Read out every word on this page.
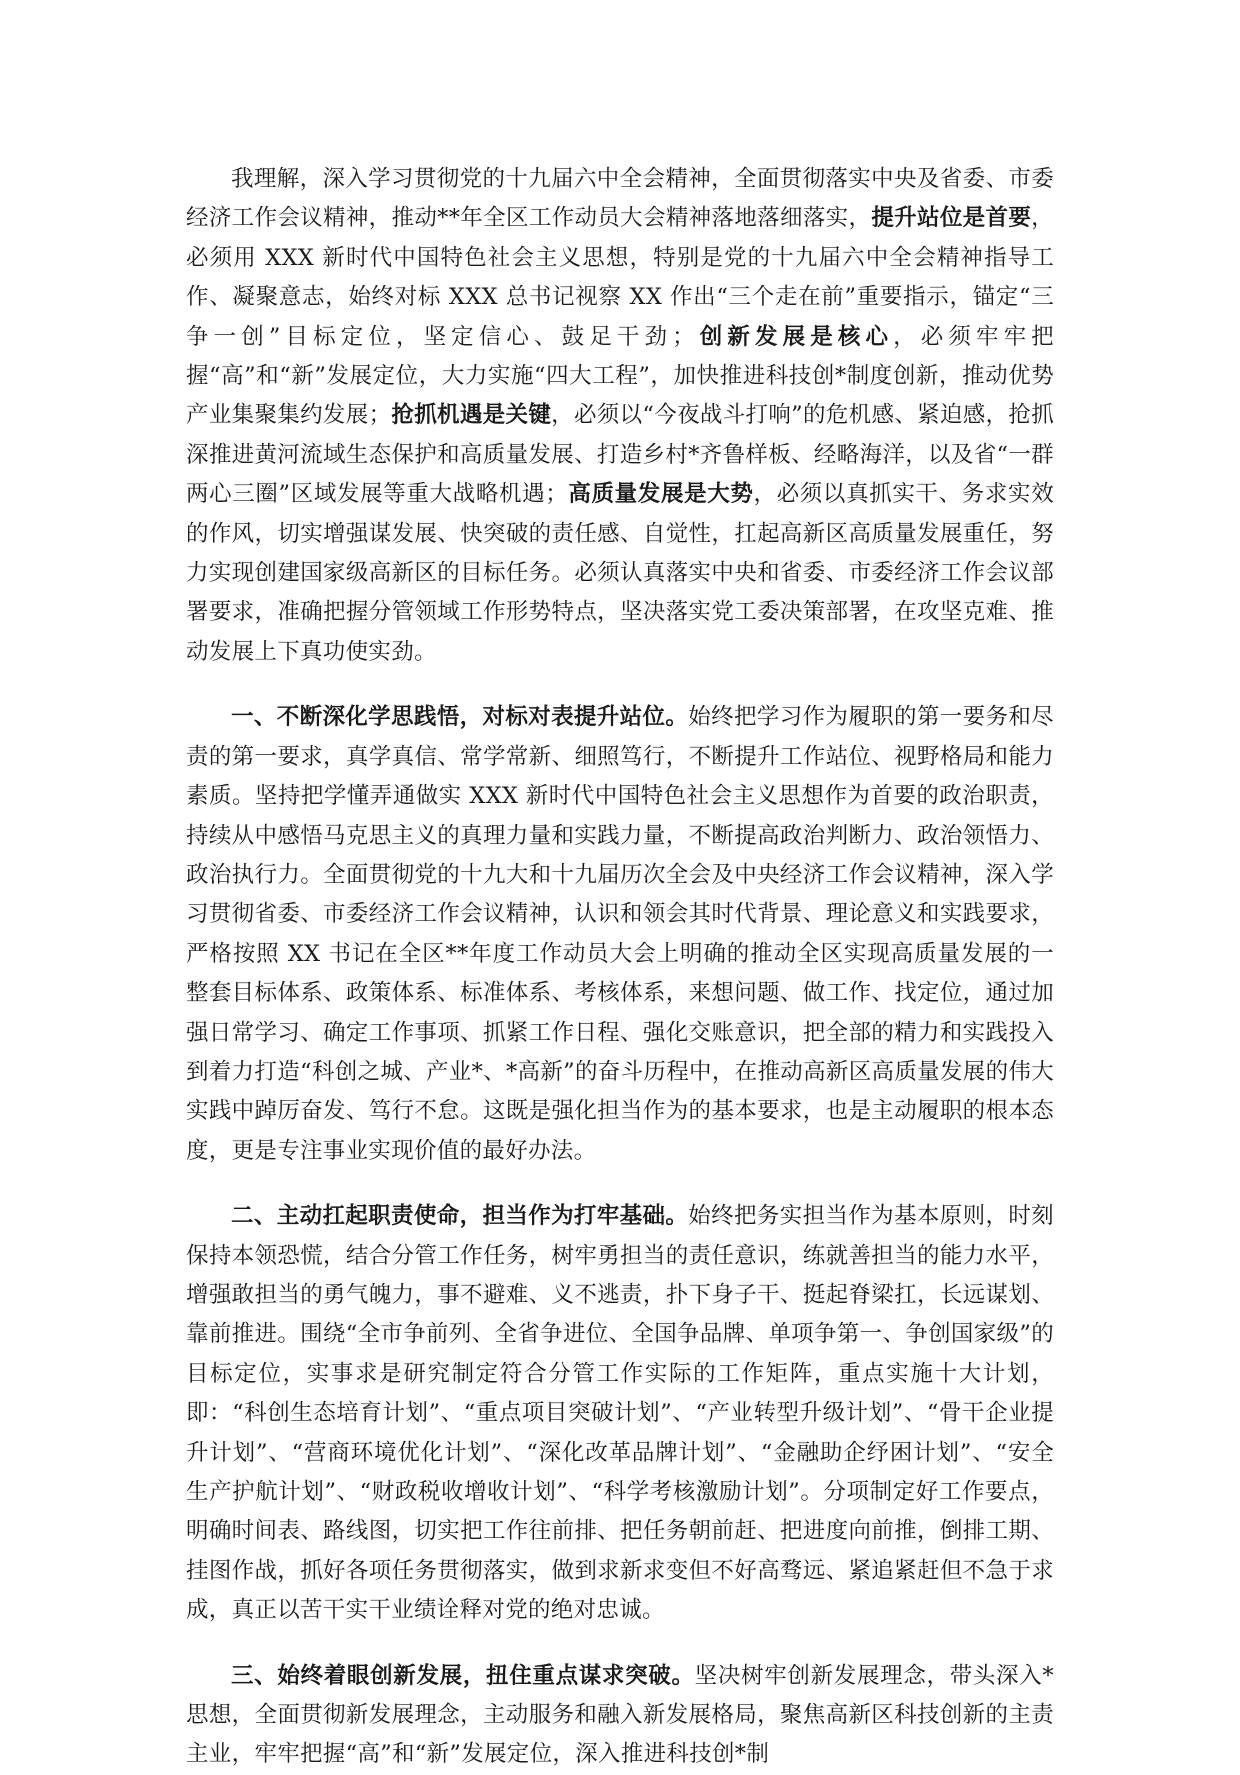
我理解，深入学习贯彻党的十九届六中全会精神，全面贯彻落实中央及省委、市委经济工作会议精神，推动**年全区工作动员大会精神落地落细落实，提升站位是首要，必须用 XXX 新时代中国特色社会主义思想，特别是党的十九届六中全会精神指导工作、凝聚意志，始终对标 XXX 总书记视察 XX 作出“三个走在前”重要指示，锚定“三争一创”目标定位，坚定信心、鼓足干劲；创新发展是核心，必须牢牢把握“高”和“新”发展定位，大力实施“四大工程”，加快推进科技创*制度创新，推动优势产业集聚集约发展；抢抓机遇是关键，必须以“今夜战斗打响”的危机感、紧迫感，抢抓深推进黄河流域生态保护和高质量发展、打造乡村*齐鲁样板、经略海洋，以及省“一群两心三圈”区域发展等重大战略机遇；高质量发展是大势，必须以真抓实干、务求实效的作风，切实增强谋发展、快突破的责任感、自觉性，扛起高新区高质量发展重任，努力实现创建国家级高新区的目标任务。必须认真落实中央和省委、市委经济工作会议部署要求，准确把握分管领域工作形势特点，坚决落实党工委决策部署，在攻坚克难、推动发展上下真功使实劲。

一、不断深化学思践悟，对标对表提升站位。始终把学习作为履职的第一要务和尽责的第一要求，真学真信、常学常新、细照笃行，不断提升工作站位、视野格局和能力素质。坚持把学懂弄通做实 XXX 新时代中国特色社会主义思想作为首要的政治职责，持续从中感悟马克思主义的真理力量和实践力量，不断提高政治判断力、政治领悟力、政治执行力。全面贯彻党的十九大和十九届历次全会及中央经济工作会议精神，深入学习贯彻省委、市委经济工作会议精神，认识和领会其时代背景、理论意义和实践要求，严格按照 XX 书记在全区**年度工作动员大会上明确的推动全区实现高质量发展的一整套目标体系、政策体系、标准体系、考核体系，来想问题、做工作、找定位，通过加强日常学习、确定工作事项、抓紧工作日程、强化交账意识，把全部的精力和实践投入到着力打造“科创之城、产业*、*高新”的奋斗历程中，在推动高新区高质量发展的伟大实践中踔厉奋发、笃行不怠。这既是强化担当作为的基本要求，也是主动履职的根本态度，更是专注事业实现价值的最好办法。

二、主动扛起职责使命，担当作为打牢基础。始终把务实担当作为基本原则，时刻保持本领恐慌，结合分管工作任务，树牢勇担当的责任意识，练就善担当的能力水平，增强敢担当的勇气魄力，事不避难、义不逃责，扑下身子干、挺起脊梁扛，长远谋划、靠前推进。围绕“全市争前列、全省争进位、全国争品牌、单项争第一、争创国家级”的目标定位，实事求是研究制定符合分管工作实际的工作矩阵，重点实施十大计划，即：“科创生态培育计划”、“重点项目突破计划”、“产业转型升级计划”、“骨干企业提升计划”、“营商环境优化计划”、“深化改革品牌计划”、“金融助企纾困计划”、“安全生产护航计划”、“财政税收增收计划”、“科学考核激励计划”。分项制定好工作要点，明确时间表、路线图，切实把工作往前排、把任务朝前赶、把进度向前推，倒排工期、挂图作战，抓好各项任务贯彻落实，做到求新求变但不好高骛远、紧追紧赶但不急于求成，真正以苦干实干业绩诠释对党的绝对忠诚。

三、始终着眼创新发展，扭住重点谋求突破。坚决树牢创新发展理念，带头深入*思想，全面贯彻新发展理念，主动服务和融入新发展格局，聚焦高新区科技创新的主责主业，牢牢把握“高”和“新”发展定位，深入推进科技创*制
